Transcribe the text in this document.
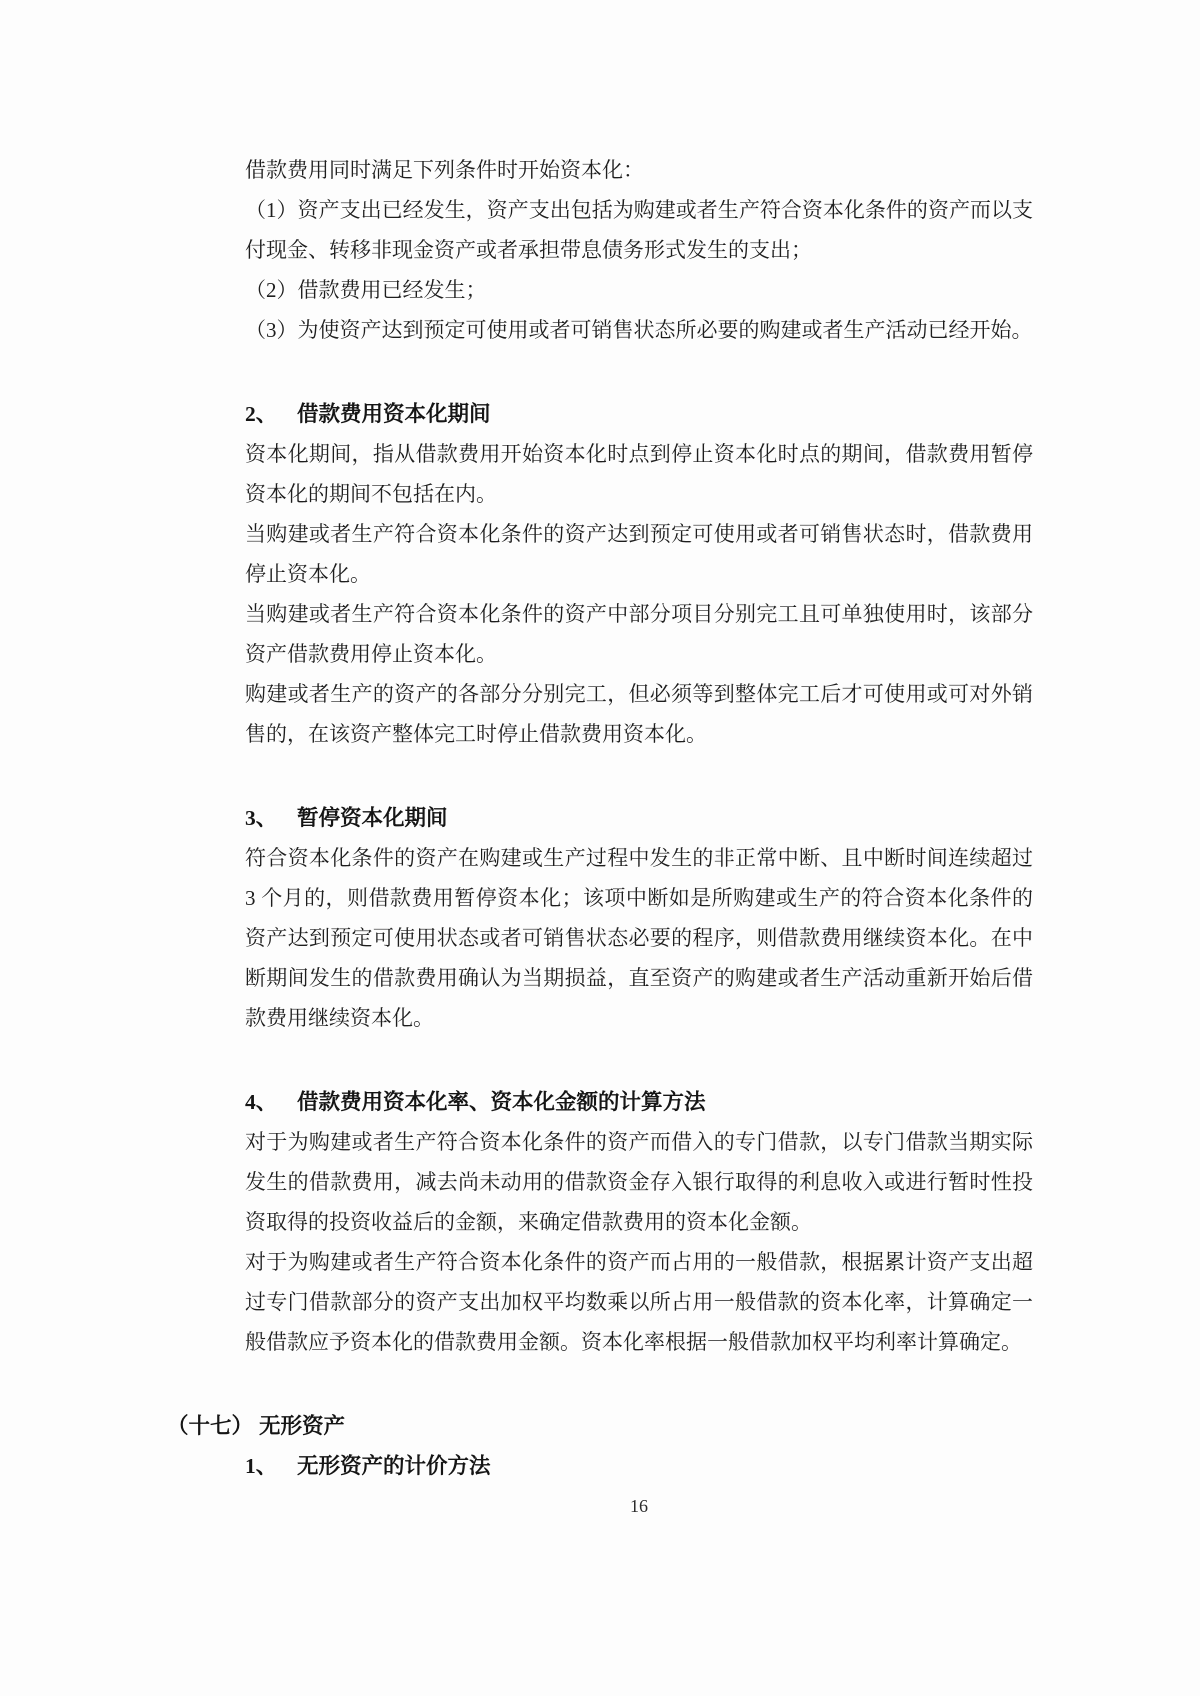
借款费用同时满足下列条件时开始资本化：

（1）资产支出已经发生，资产支出包括为购建或者生产符合资本化条件的资产而以支付现金、转移非现金资产或者承担带息债务形式发生的支出；

（2）借款费用已经发生；

（3）为使资产达到预定可使用或者可销售状态所必要的购建或者生产活动已经开始。

2、 借款费用资本化期间

资本化期间，指从借款费用开始资本化时点到停止资本化时点的期间，借款费用暂停资本化的期间不包括在内。

当购建或者生产符合资本化条件的资产达到预定可使用或者可销售状态时，借款费用停止资本化。

当购建或者生产符合资本化条件的资产中部分项目分别完工且可单独使用时，该部分资产借款费用停止资本化。

购建或者生产的资产的各部分分别完工，但必须等到整体完工后才可使用或可对外销售的，在该资产整体完工时停止借款费用资本化。

3、 暂停资本化期间

符合资本化条件的资产在购建或生产过程中发生的非正常中断、且中断时间连续超过 3 个月的，则借款费用暂停资本化；该项中断如是所购建或生产的符合资本化条件的资产达到预定可使用状态或者可销售状态必要的程序，则借款费用继续资本化。在中断期间发生的借款费用确认为当期损益，直至资产的购建或者生产活动重新开始后借款费用继续资本化。

4、 借款费用资本化率、资本化金额的计算方法

对于为购建或者生产符合资本化条件的资产而借入的专门借款，以专门借款当期实际发生的借款费用，减去尚未动用的借款资金存入银行取得的利息收入或进行暂时性投资取得的投资收益后的金额，来确定借款费用的资本化金额。

对于为购建或者生产符合资本化条件的资产而占用的一般借款，根据累计资产支出超过专门借款部分的资产支出加权平均数乘以所占用一般借款的资本化率，计算确定一般借款应予资本化的借款费用金额。资本化率根据一般借款加权平均利率计算确定。

（十七） 无形资产
1、 无形资产的计价方法
16
